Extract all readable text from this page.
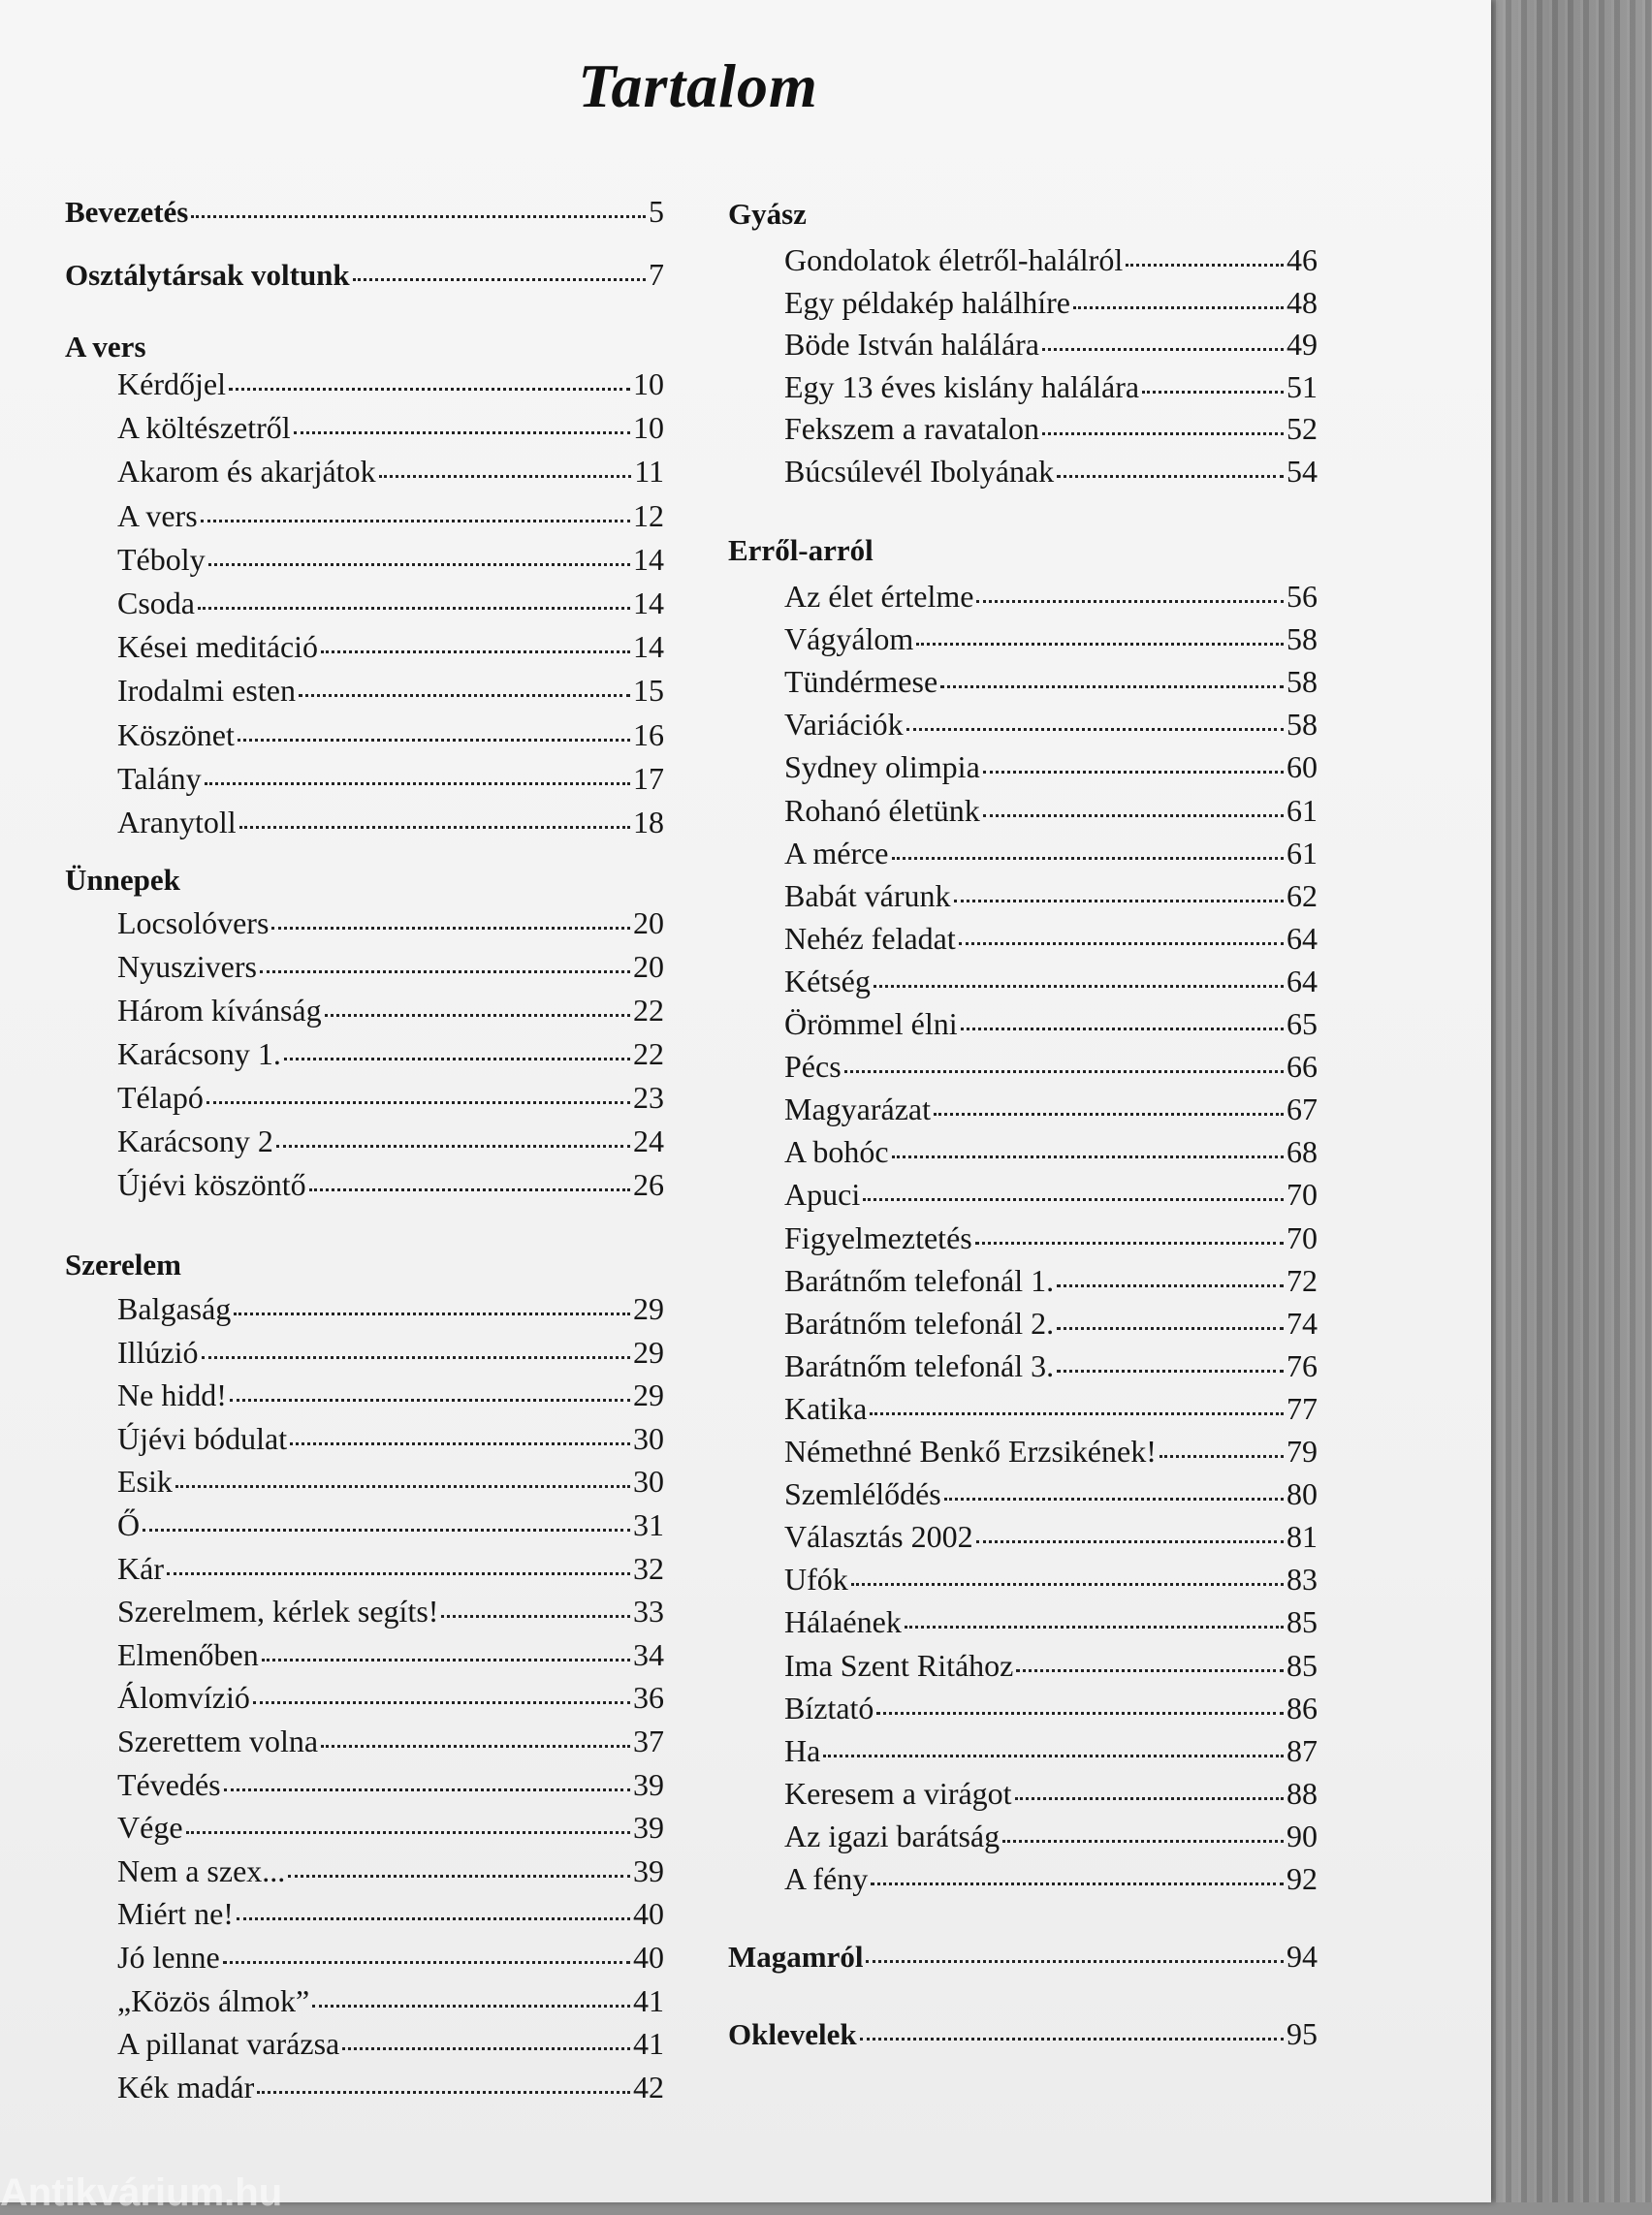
Tartalom
Bevezetés	5
Osztálytársak voltunk	7
A vers
Kérdőjel	10
A költészetről	10
Akarom és akarjátok	11
A vers	12
Téboly	14
Csoda	14
Kései meditáció	14
Irodalmi esten	15
Köszönet	16
Talány	17
Aranytoll	18
Ünnepek
Locsolóvers	20
Nyuszivers	20
Három kívánság	22
Karácsony 1.	22
Télapó	23
Karácsony 2	24
Újévi köszöntő	26
Szerelem
Balgaság	29
Illúzió	29
Ne hidd!	29
Újévi bódulat	30
Esik	30
Ő	31
Kár	32
Szerelmem, kérlek segíts!	33
Elmenőben	34
Álomvízió	36
Szerettem volna	37
Tévedés	39
Vége	39
Nem a szex...	39
Miért ne!	40
Jó lenne	40
„Közös álmok”	41
A pillanat varázsa	41
Kék madár	42
Gyász
Gondolatok életről-halálról	46
Egy példakép halálhíre	48
Böde István halálára	49
Egy 13 éves kislány halálára	51
Fekszem a ravatalon	52
Búcsúlevél Ibolyának	54
Erről-arról
Az élet értelme	56
Vágyálom	58
Tündérmese	58
Variációk	58
Sydney olimpia	60
Rohanó életünk	61
A mérce	61
Babát várunk	62
Nehéz feladat	64
Kétség	64
Örömmel élni	65
Pécs	66
Magyarázat	67
A bohóc	68
Apuci	70
Figyelmeztetés	70
Barátnőm telefonál 1.	72
Barátnőm telefonál 2.	74
Barátnőm telefonál 3.	76
Katika	77
Némethné Benkő Erzsikének!	79
Szemlélődés	80
Választás 2002	81
Ufók	83
Hálaének	85
Ima Szent Ritához	85
Bíztató	86
Ha	87
Keresem a virágot	88
Az igazi barátság	90
A fény	92
Magamról	94
Oklevelek	95
Antikvárium.hu
